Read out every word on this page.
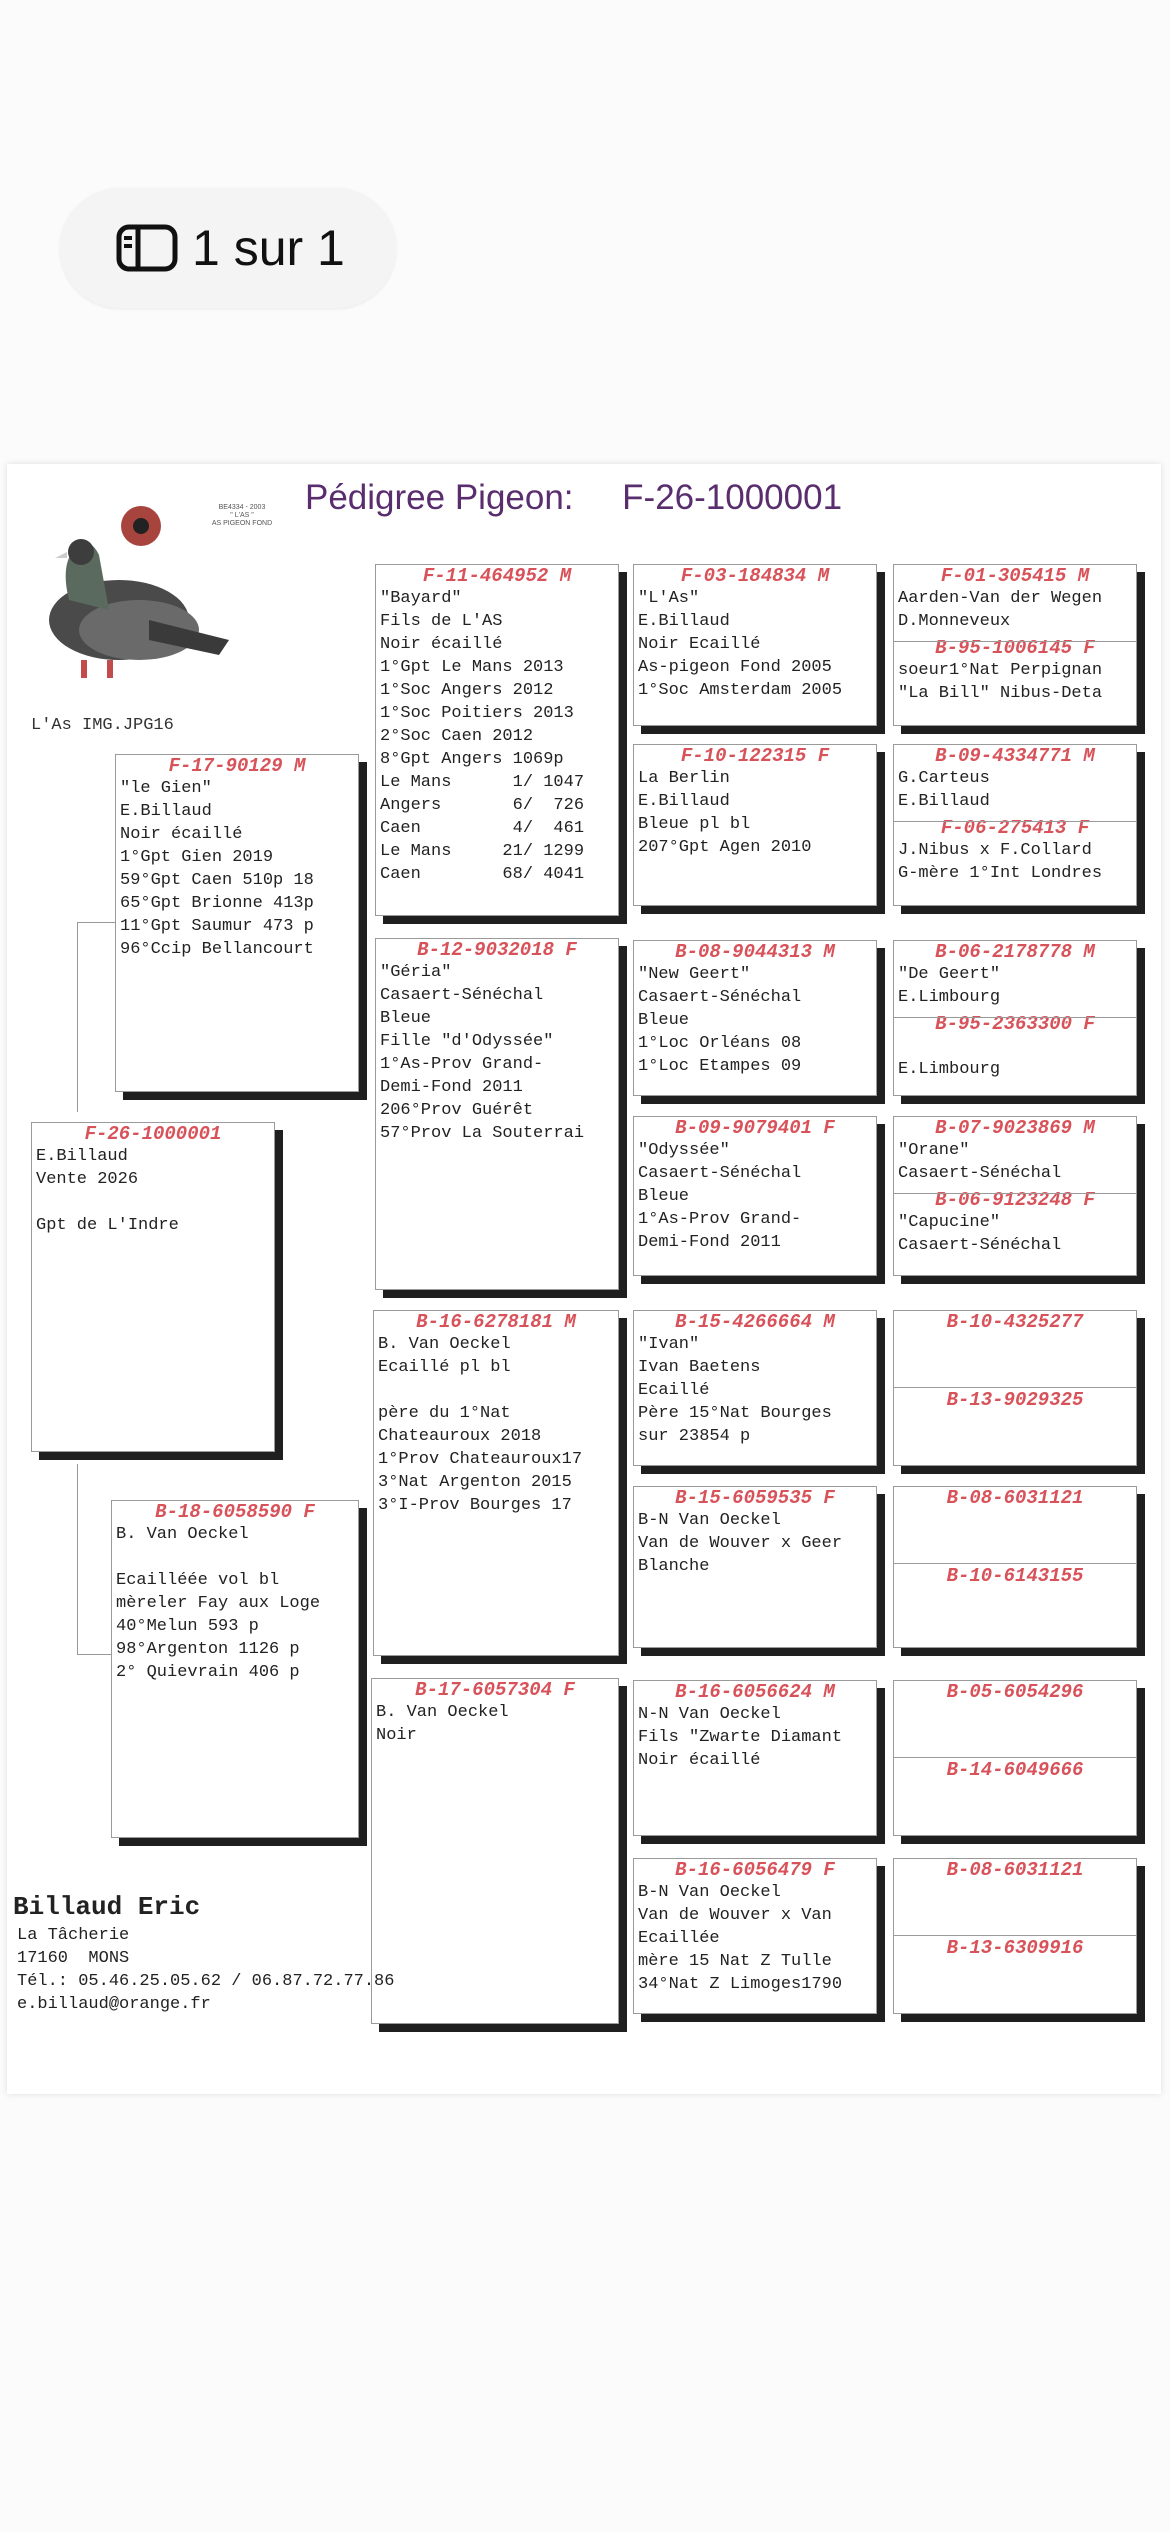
1 sur 1
Pédigree Pigeon:     F-26-1000001
BE4334 - 2003
" L'AS "
AS PIGEON FOND
L'As IMG.JPG16
F-26-1000001
E.Billaud
Vente 2026

Gpt de L'Indre
F-17-90129 M
"le Gien"
E.Billaud
Noir écaillé
1°Gpt Gien 2019
59°Gpt Caen 510p 18
65°Gpt Brionne 413p
11°Gpt Saumur 473 p
96°Ccip Bellancourt
B-18-6058590 F
B. Van Oeckel

Ecailléée vol bl
mèreler Fay aux Loge
40°Melun 593 p
98°Argenton 1126 p
2° Quievrain 406 p
F-11-464952 M
"Bayard"
Fils de L'AS
Noir écaillé
1°Gpt Le Mans 2013
1°Soc Angers 2012
1°Soc Poitiers 2013
2°Soc Caen 2012
8°Gpt Angers 1069p
Le Mans      1/ 1047
Angers       6/  726
Caen         4/  461
Le Mans     21/ 1299
Caen        68/ 4041
B-12-9032018 F
"Géria"
Casaert-Sénéchal
Bleue
Fille "d'Odyssée"
1°As-Prov Grand-
Demi-Fond 2011
206°Prov Guérêt
57°Prov La Souterrai
B-16-6278181 M
B. Van Oeckel
Ecaillé pl bl

père du 1°Nat
Chateauroux 2018
1°Prov Chateauroux17
3°Nat Argenton 2015
3°I-Prov Bourges 17
B-17-6057304 F
B. Van Oeckel
Noir
F-03-184834 M
"L'As"
E.Billaud
Noir Ecaillé
As-pigeon Fond 2005
1°Soc Amsterdam 2005
F-10-122315 F
La Berlin
E.Billaud
Bleue pl bl
207°Gpt Agen 2010
B-08-9044313 M
"New Geert"
Casaert-Sénéchal
Bleue
1°Loc Orléans 08
1°Loc Etampes 09
B-09-9079401 F
"Odyssée"
Casaert-Sénéchal
Bleue
1°As-Prov Grand-
Demi-Fond 2011
B-15-4266664 M
"Ivan"
Ivan Baetens
Ecaillé
Père 15°Nat Bourges
sur 23854 p
B-15-6059535 F
B-N Van Oeckel
Van de Wouver x Geer
Blanche
B-16-6056624 M
N-N Van Oeckel
Fils "Zwarte Diamant
Noir écaillé
B-16-6056479 F
B-N Van Oeckel
Van de Wouver x Van
Ecaillée
mère 15 Nat Z Tulle
34°Nat Z Limoges1790
F-01-305415 M
Aarden-Van der Wegen
D.Monneveux
B-95-1006145 F
soeur1°Nat Perpignan
"La Bill" Nibus-Deta
B-09-4334771 M
G.Carteus
E.Billaud
F-06-275413 F
J.Nibus x F.Collard
G-mère 1°Int Londres
B-06-2178778 M
"De Geert"
E.Limbourg
B-95-2363300 F

E.Limbourg
B-07-9023869 M
"Orane"
Casaert-Sénéchal
B-06-9123248 F
"Capucine"
Casaert-Sénéchal
B-10-4325277
B-13-9029325
B-08-6031121
B-10-6143155
B-05-6054296
B-14-6049666
B-08-6031121
B-13-6309916
Billaud Eric
La Tâcherie
17160  MONS
Tél.: 05.46.25.05.62 / 06.87.72.77.86
e.billaud@orange.fr
